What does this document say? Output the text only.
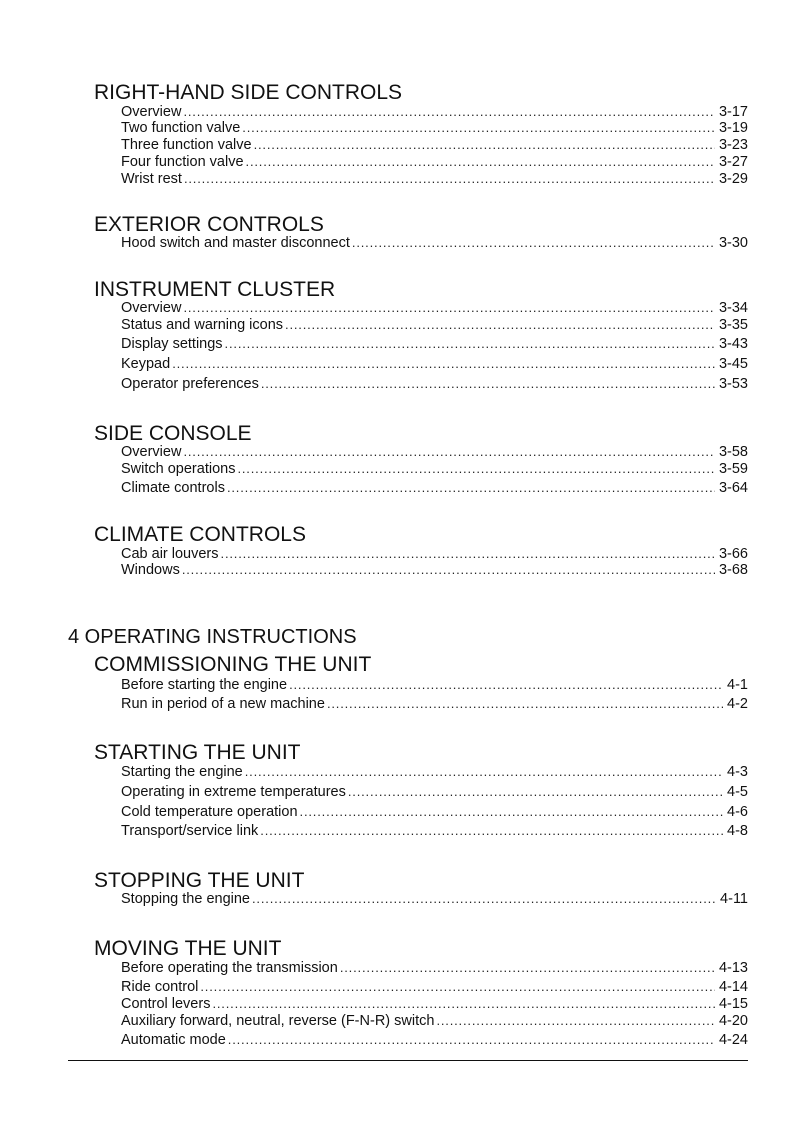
RIGHT-HAND SIDE CONTROLS
Overview . . .	3-17
Two function valve . . .	3-19
Three function valve . . .	3-23
Four function valve . . .	3-27
Wrist rest . . .	3-29
EXTERIOR CONTROLS
Hood switch and master disconnect . . .	3-30
INSTRUMENT CLUSTER
Overview . . .	3-34
Status and warning icons . . .	3-35
Display settings . . .	3-43
Keypad . . .	3-45
Operator preferences . . .	3-53
SIDE CONSOLE
Overview . . .	3-58
Switch operations . . .	3-59
Climate controls . . .	3-64
CLIMATE CONTROLS
Cab air louvers . . .	3-66
Windows . . .	3-68
4 OPERATING INSTRUCTIONS
COMMISSIONING THE UNIT
Before starting the engine . . .	4-1
Run in period of a new machine . . .	4-2
STARTING THE UNIT
Starting the engine . . .	4-3
Operating in extreme temperatures . . .	4-5
Cold temperature operation . . .	4-6
Transport/service link . . .	4-8
STOPPING THE UNIT
Stopping the engine . . .	4-11
MOVING THE UNIT
Before operating the transmission . . .	4-13
Ride control . . .	4-14
Control levers . . .	4-15
Auxiliary forward, neutral, reverse (F-N-R) switch . . .	4-20
Automatic mode . . .	4-24
